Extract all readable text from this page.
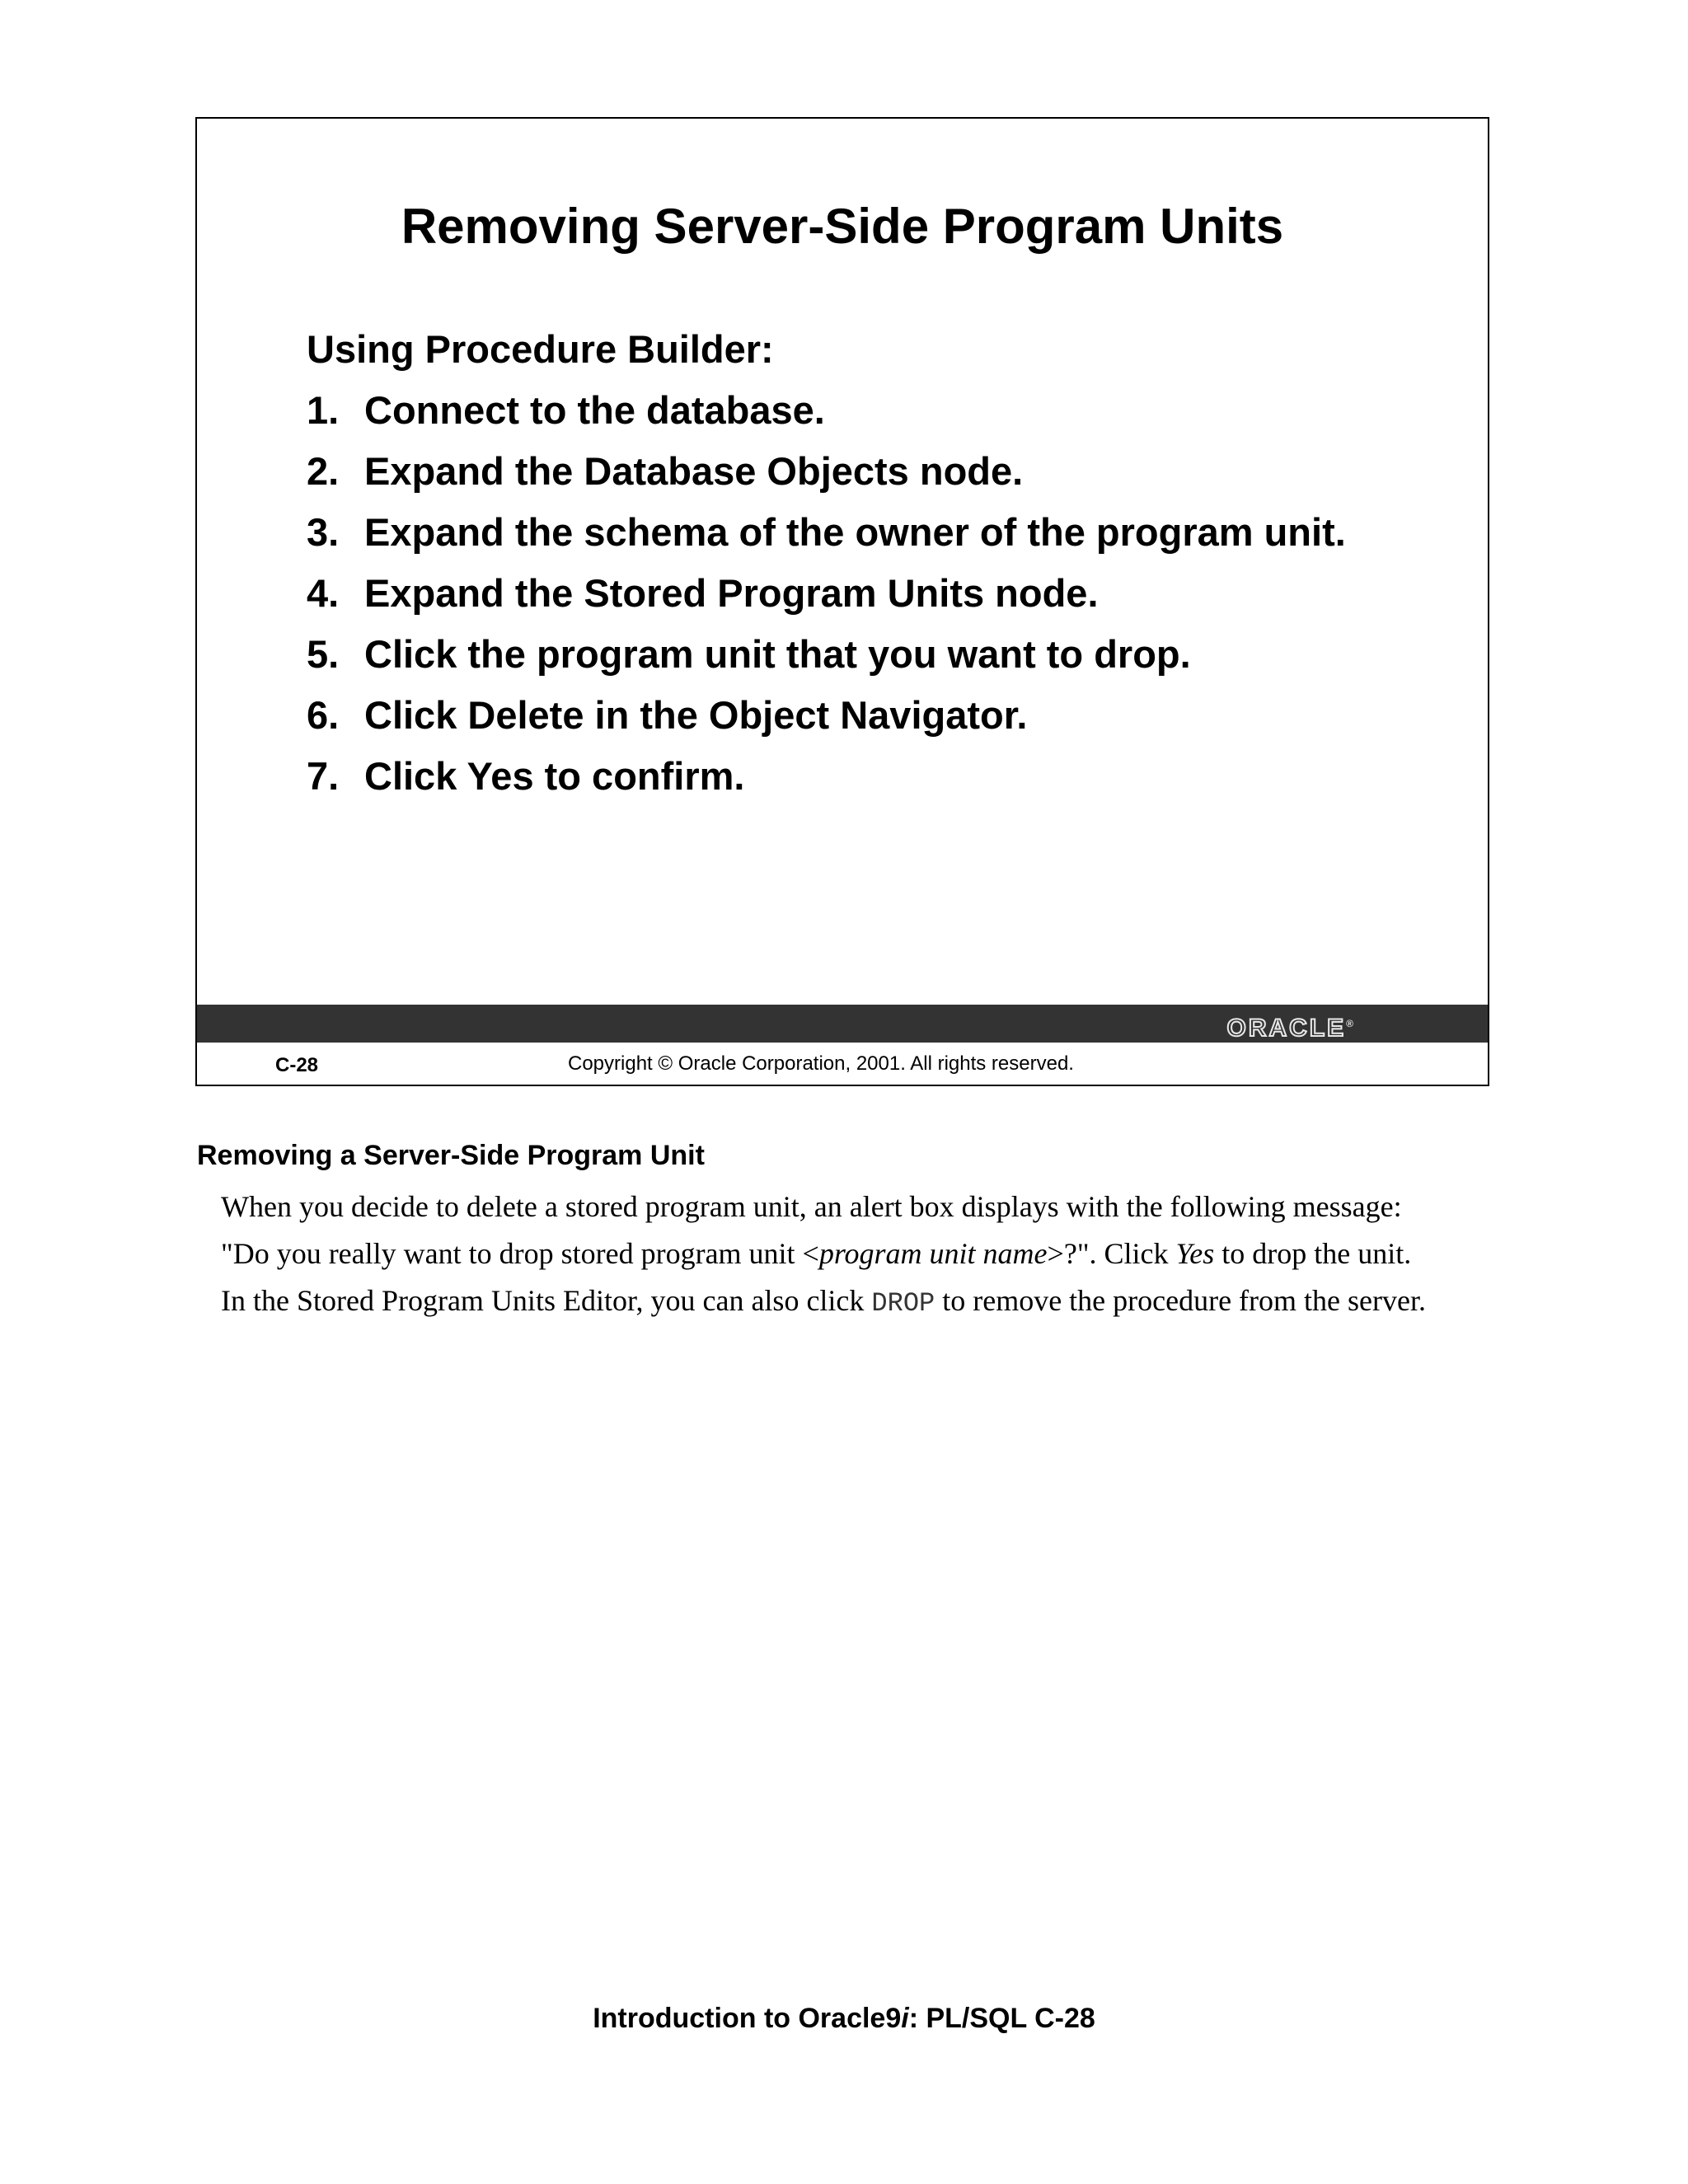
Removing Server-Side Program Units
Using Procedure Builder:
1. Connect to the database.
2. Expand the Database Objects node.
3. Expand the schema of the owner of the program unit.
4. Expand the Stored Program Units node.
5. Click the program unit that you want to drop.
6. Click Delete in the Object Navigator.
7. Click Yes to confirm.
ORACLE®
C-28	Copyright © Oracle Corporation, 2001. All rights reserved.
Removing a Server-Side Program Unit

When you decide to delete a stored program unit, an alert box displays with the following message:

"Do you really want to drop stored program unit <program unit name>?". Click Yes to drop the unit.

In the Stored Program Units Editor, you can also click DROP to remove the procedure from the server.

Introduction to Oracle9i: PL/SQL C-28
